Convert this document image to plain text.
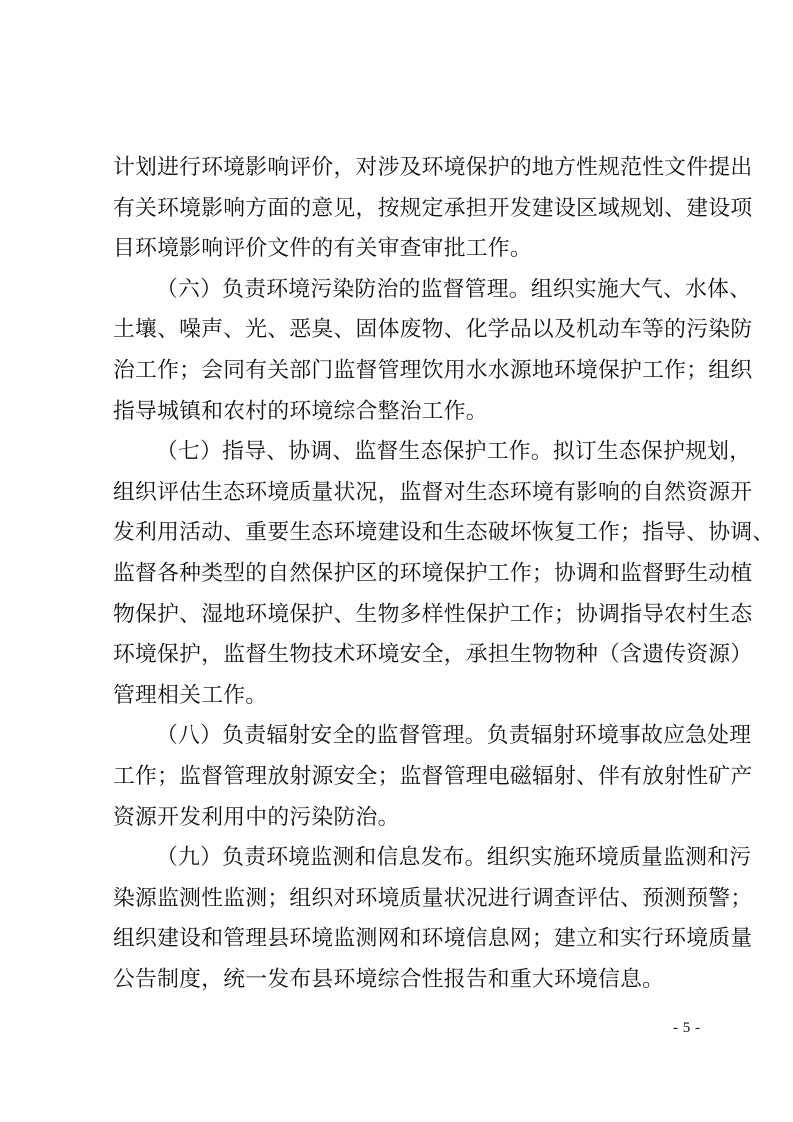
计划进行环境影响评价，对涉及环境保护的地方性规范性文件提出
有关环境影响方面的意见，按规定承担开发建设区域规划、建设项
目环境影响评价文件的有关审查审批工作。
（六）负责环境污染防治的监督管理。组织实施大气、水体、
土壤、噪声、光、恶臭、固体废物、化学品以及机动车等的污染防
治工作；会同有关部门监督管理饮用水水源地环境保护工作；组织
指导城镇和农村的环境综合整治工作。
（七）指导、协调、监督生态保护工作。拟订生态保护规划，
组织评估生态环境质量状况，监督对生态环境有影响的自然资源开
发利用活动、重要生态环境建设和生态破坏恢复工作；指导、协调、
监督各种类型的自然保护区的环境保护工作；协调和监督野生动植
物保护、湿地环境保护、生物多样性保护工作；协调指导农村生态
环境保护，监督生物技术环境安全，承担生物物种（含遗传资源）
管理相关工作。
（八）负责辐射安全的监督管理。负责辐射环境事故应急处理
工作；监督管理放射源安全；监督管理电磁辐射、伴有放射性矿产
资源开发利用中的污染防治。
（九）负责环境监测和信息发布。组织实施环境质量监测和污
染源监测性监测；组织对环境质量状况进行调查评估、预测预警；
组织建设和管理县环境监测网和环境信息网；建立和实行环境质量
公告制度，统一发布县环境综合性报告和重大环境信息。
- 5 -
